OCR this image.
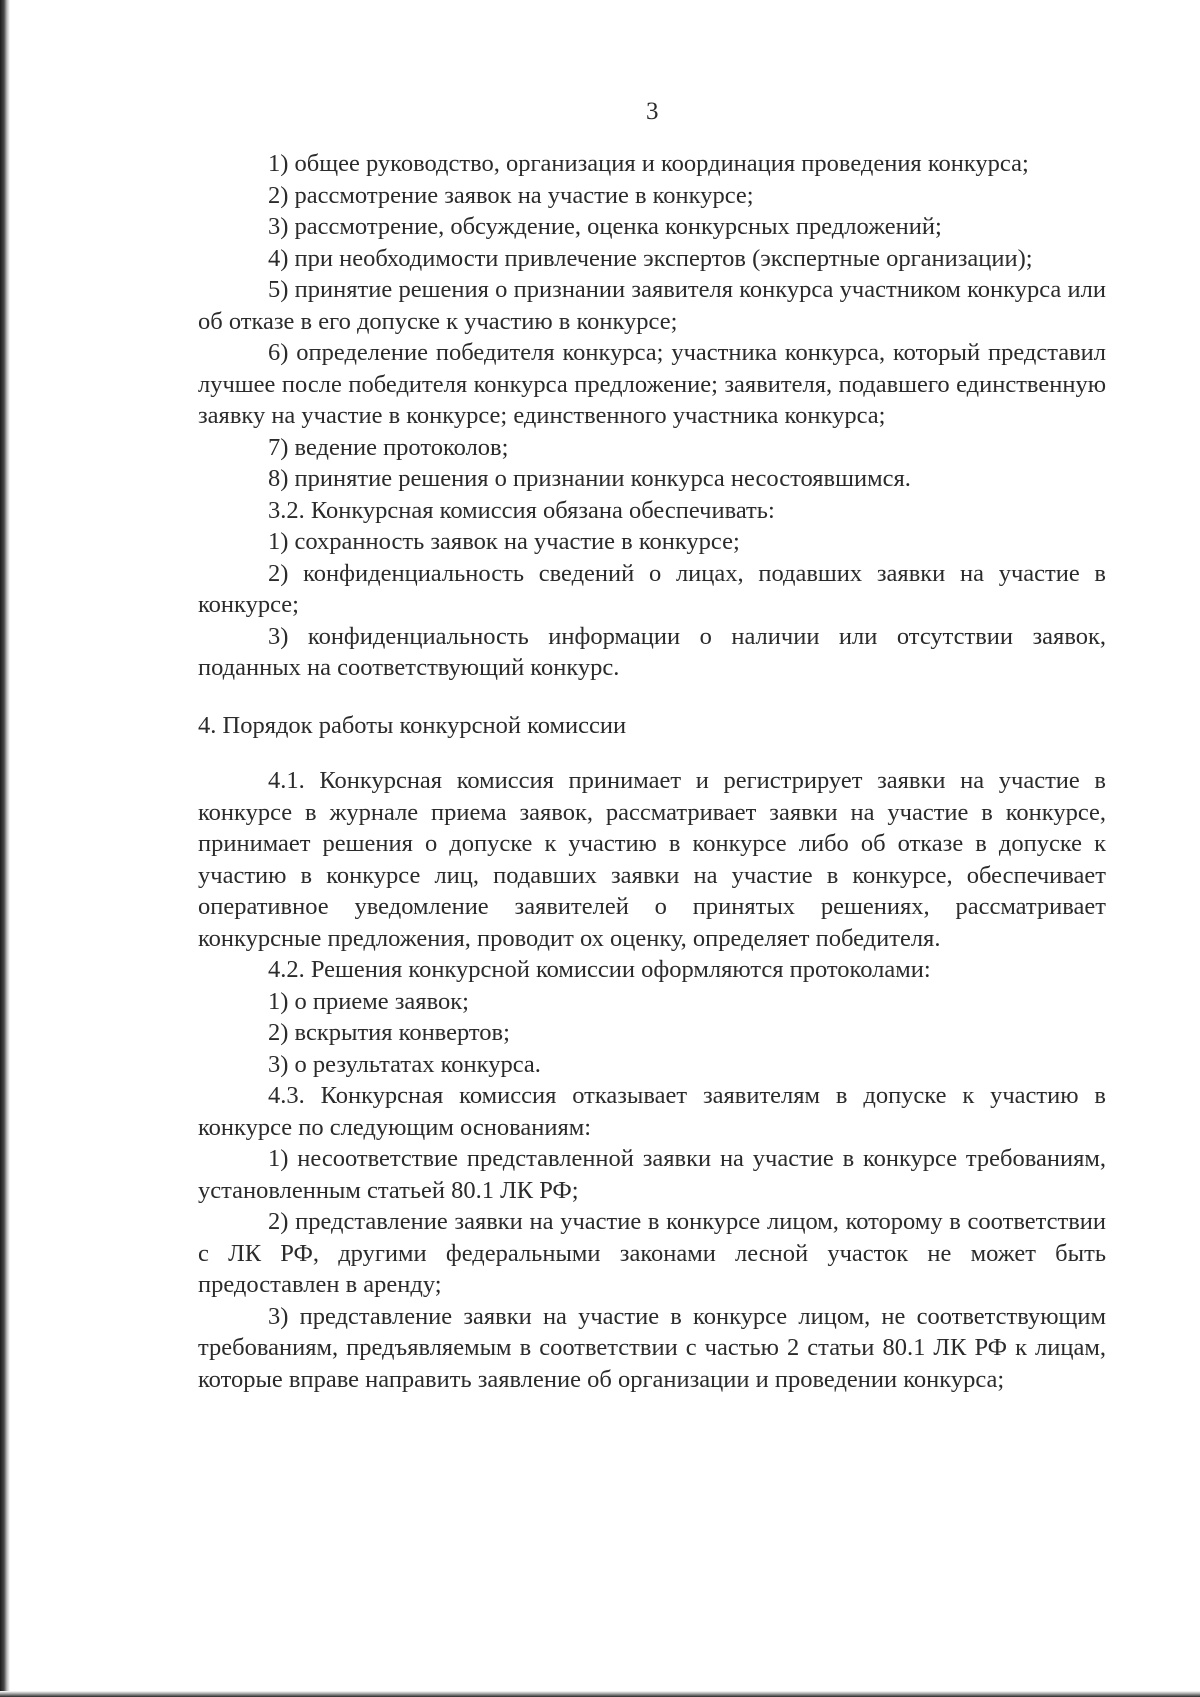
3

1) общее руководство, организация и координация проведения конкурса;

2) рассмотрение заявок на участие в конкурсе;

3) рассмотрение, обсуждение, оценка конкурсных предложений;

4) при необходимости привлечение экспертов (экспертные организации);

5) принятие решения о признании заявителя конкурса участником конкурса или об отказе в его допуске к участию в конкурсе;

6) определение победителя конкурса; участника конкурса, который представил лучшее после победителя конкурса предложение; заявителя, подавшего единственную заявку на участие в конкурсе; единственного участника конкурса;

7) ведение протоколов;

8) принятие решения о признании конкурса несостоявшимся.

3.2. Конкурсная комиссия обязана обеспечивать:

1) сохранность заявок на участие в конкурсе;

2) конфиденциальность сведений о лицах, подавших заявки на участие в конкурсе;

3) конфиденциальность информации о наличии или отсутствии заявок, поданных на соответствующий конкурс.

4. Порядок работы конкурсной комиссии

4.1. Конкурсная комиссия принимает и регистрирует заявки на участие в конкурсе в журнале приема заявок, рассматривает заявки на участие в конкурсе, принимает решения о допуске к участию в конкурсе либо об отказе в допуске к участию в конкурсе лиц, подавших заявки на участие в конкурсе, обеспечивает оперативное уведомление заявителей о принятых решениях, рассматривает конкурсные предложения, проводит ох оценку, определяет победителя.

4.2. Решения конкурсной комиссии оформляются протоколами:

1) о приеме заявок;

2) вскрытия конвертов;

3) о результатах конкурса.

4.3. Конкурсная комиссия отказывает заявителям в допуске к участию в конкурсе по следующим основаниям:

1) несоответствие представленной заявки на участие в конкурсе требованиям, установленным статьей 80.1 ЛК РФ;

2) представление заявки на участие в конкурсе лицом, которому в соответствии с ЛК РФ, другими федеральными законами лесной участок не может быть предоставлен в аренду;

3) представление заявки на участие в конкурсе лицом, не соответствующим требованиям, предъявляемым в соответствии с частью 2 статьи 80.1 ЛК РФ к лицам, которые вправе направить заявление об организации и проведении конкурса;
